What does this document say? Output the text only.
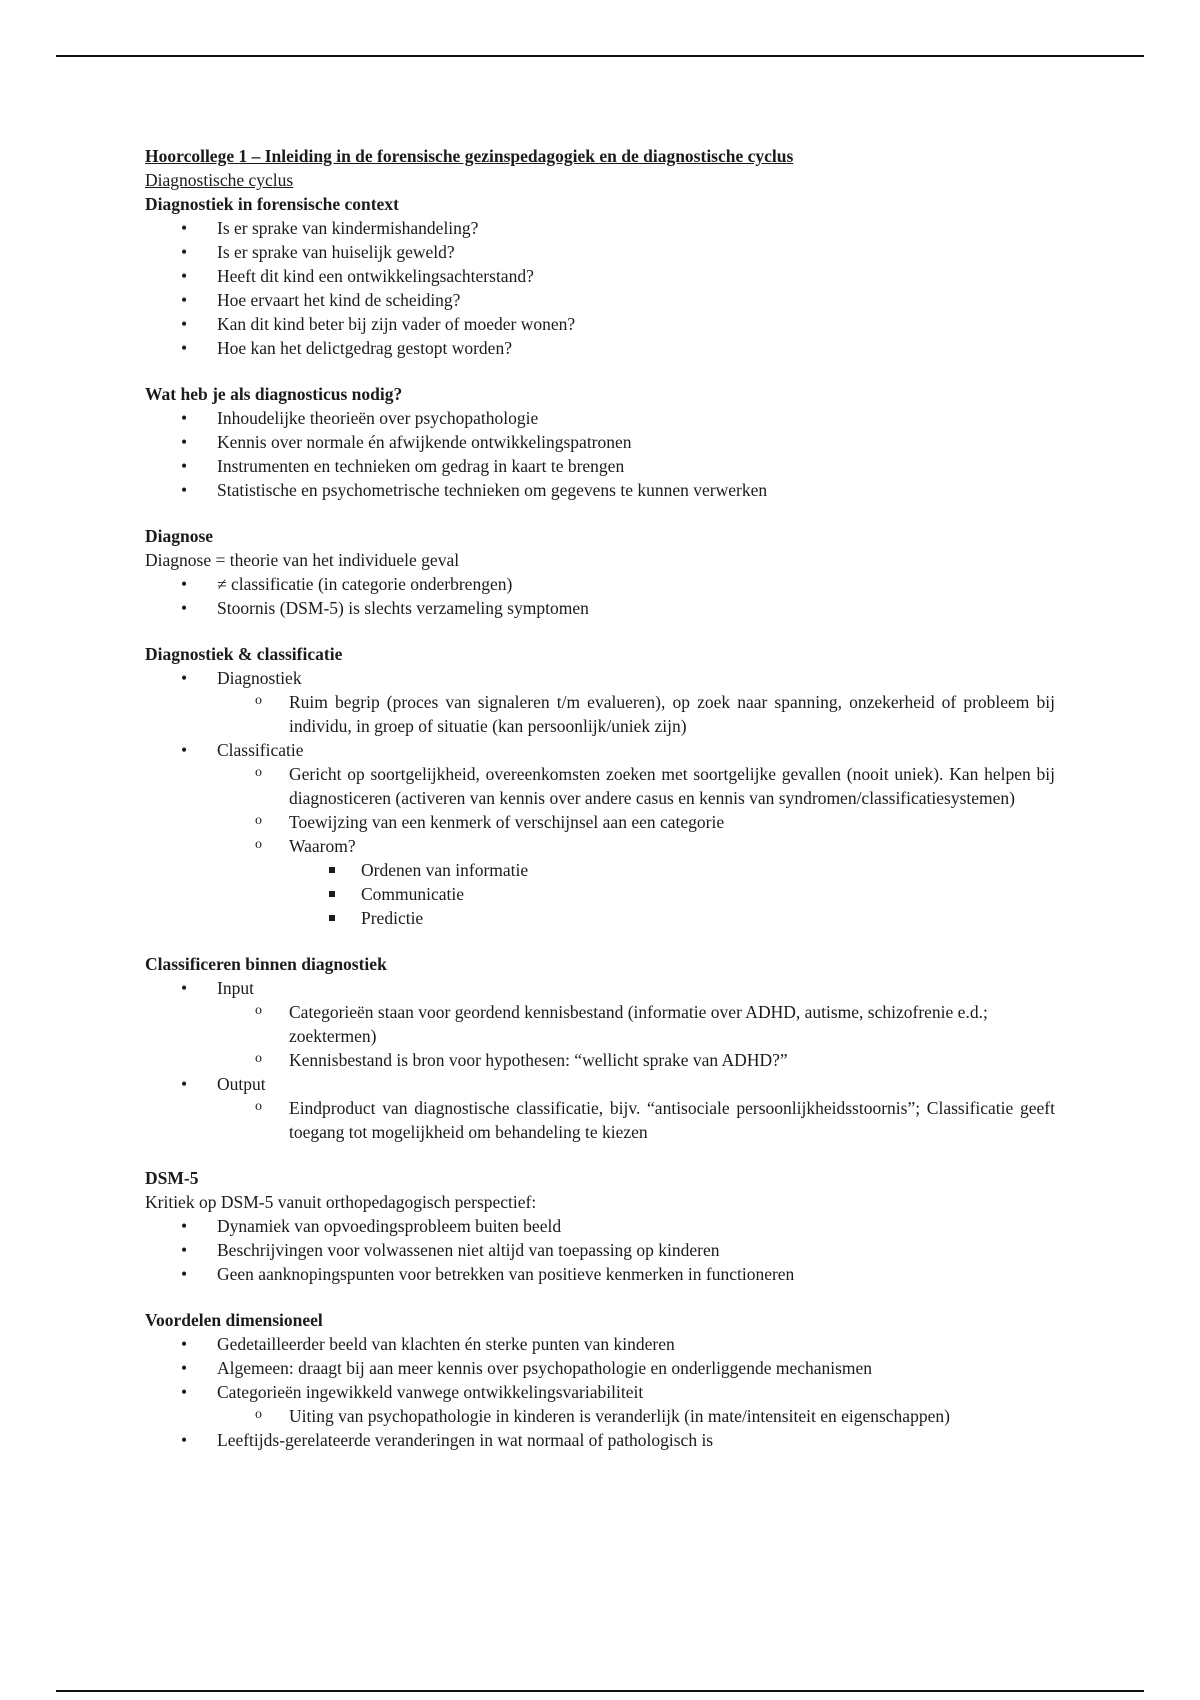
Hoorcollege 1 – Inleiding in de forensische gezinspedagogiek en de diagnostische cyclus

Diagnostische cyclus

Diagnostiek in forensische context

• Is er sprake van kindermishandeling?
• Is er sprake van huiselijk geweld?
• Heeft dit kind een ontwikkelingsachterstand?
• Hoe ervaart het kind de scheiding?
• Kan dit kind beter bij zijn vader of moeder wonen?
• Hoe kan het delictgedrag gestopt worden?

Wat heb je als diagnosticus nodig?

• Inhoudelijke theorieën over psychopathologie
• Kennis over normale én afwijkende ontwikkelingspatronen
• Instrumenten en technieken om gedrag in kaart te brengen
• Statistische en psychometrische technieken om gegevens te kunnen verwerken

Diagnose

Diagnose = theorie van het individuele geval

• ≠ classificatie (in categorie onderbrengen)
• Stoornis (DSM-5) is slechts verzameling symptomen

Diagnostiek & classificatie

• Diagnostiek
o Ruim begrip (proces van signaleren t/m evalueren), op zoek naar spanning, onzekerheid of probleem bij individu, in groep of situatie (kan persoonlijk/uniek zijn)
• Classificatie
o Gericht op soortgelijkheid, overeenkomsten zoeken met soortgelijke gevallen (nooit uniek). Kan helpen bij diagnosticeren (activeren van kennis over andere casus en kennis van syndromen/classificatiesystemen)
o Toewijzing van een kenmerk of verschijnsel aan een categorie
o Waarom?
Ordenen van informatie
Communicatie
Predictie

Classificeren binnen diagnostiek

• Input
o Categorieën staan voor geordend kennisbestand (informatie over ADHD, autisme, schizofrenie e.d.; zoektermen)
o Kennisbestand is bron voor hypothesen: “wellicht sprake van ADHD?”
• Output
o Eindproduct van diagnostische classificatie, bijv. “antisociale persoonlijkheidsstoornis”; Classificatie geeft toegang tot mogelijkheid om behandeling te kiezen

DSM-5

Kritiek op DSM-5 vanuit orthopedagogisch perspectief:

• Dynamiek van opvoedingsprobleem buiten beeld
• Beschrijvingen voor volwassenen niet altijd van toepassing op kinderen
• Geen aanknopingspunten voor betrekken van positieve kenmerken in functioneren

Voordelen dimensioneel

• Gedetailleerder beeld van klachten én sterke punten van kinderen
• Algemeen: draagt bij aan meer kennis over psychopathologie en onderliggende mechanismen
• Categorieën ingewikkeld vanwege ontwikkelingsvariabiliteit
o Uiting van psychopathologie in kinderen is veranderlijk (in mate/intensiteit en eigenschappen)
• Leeftijds-gerelateerde veranderingen in wat normaal of pathologisch is
